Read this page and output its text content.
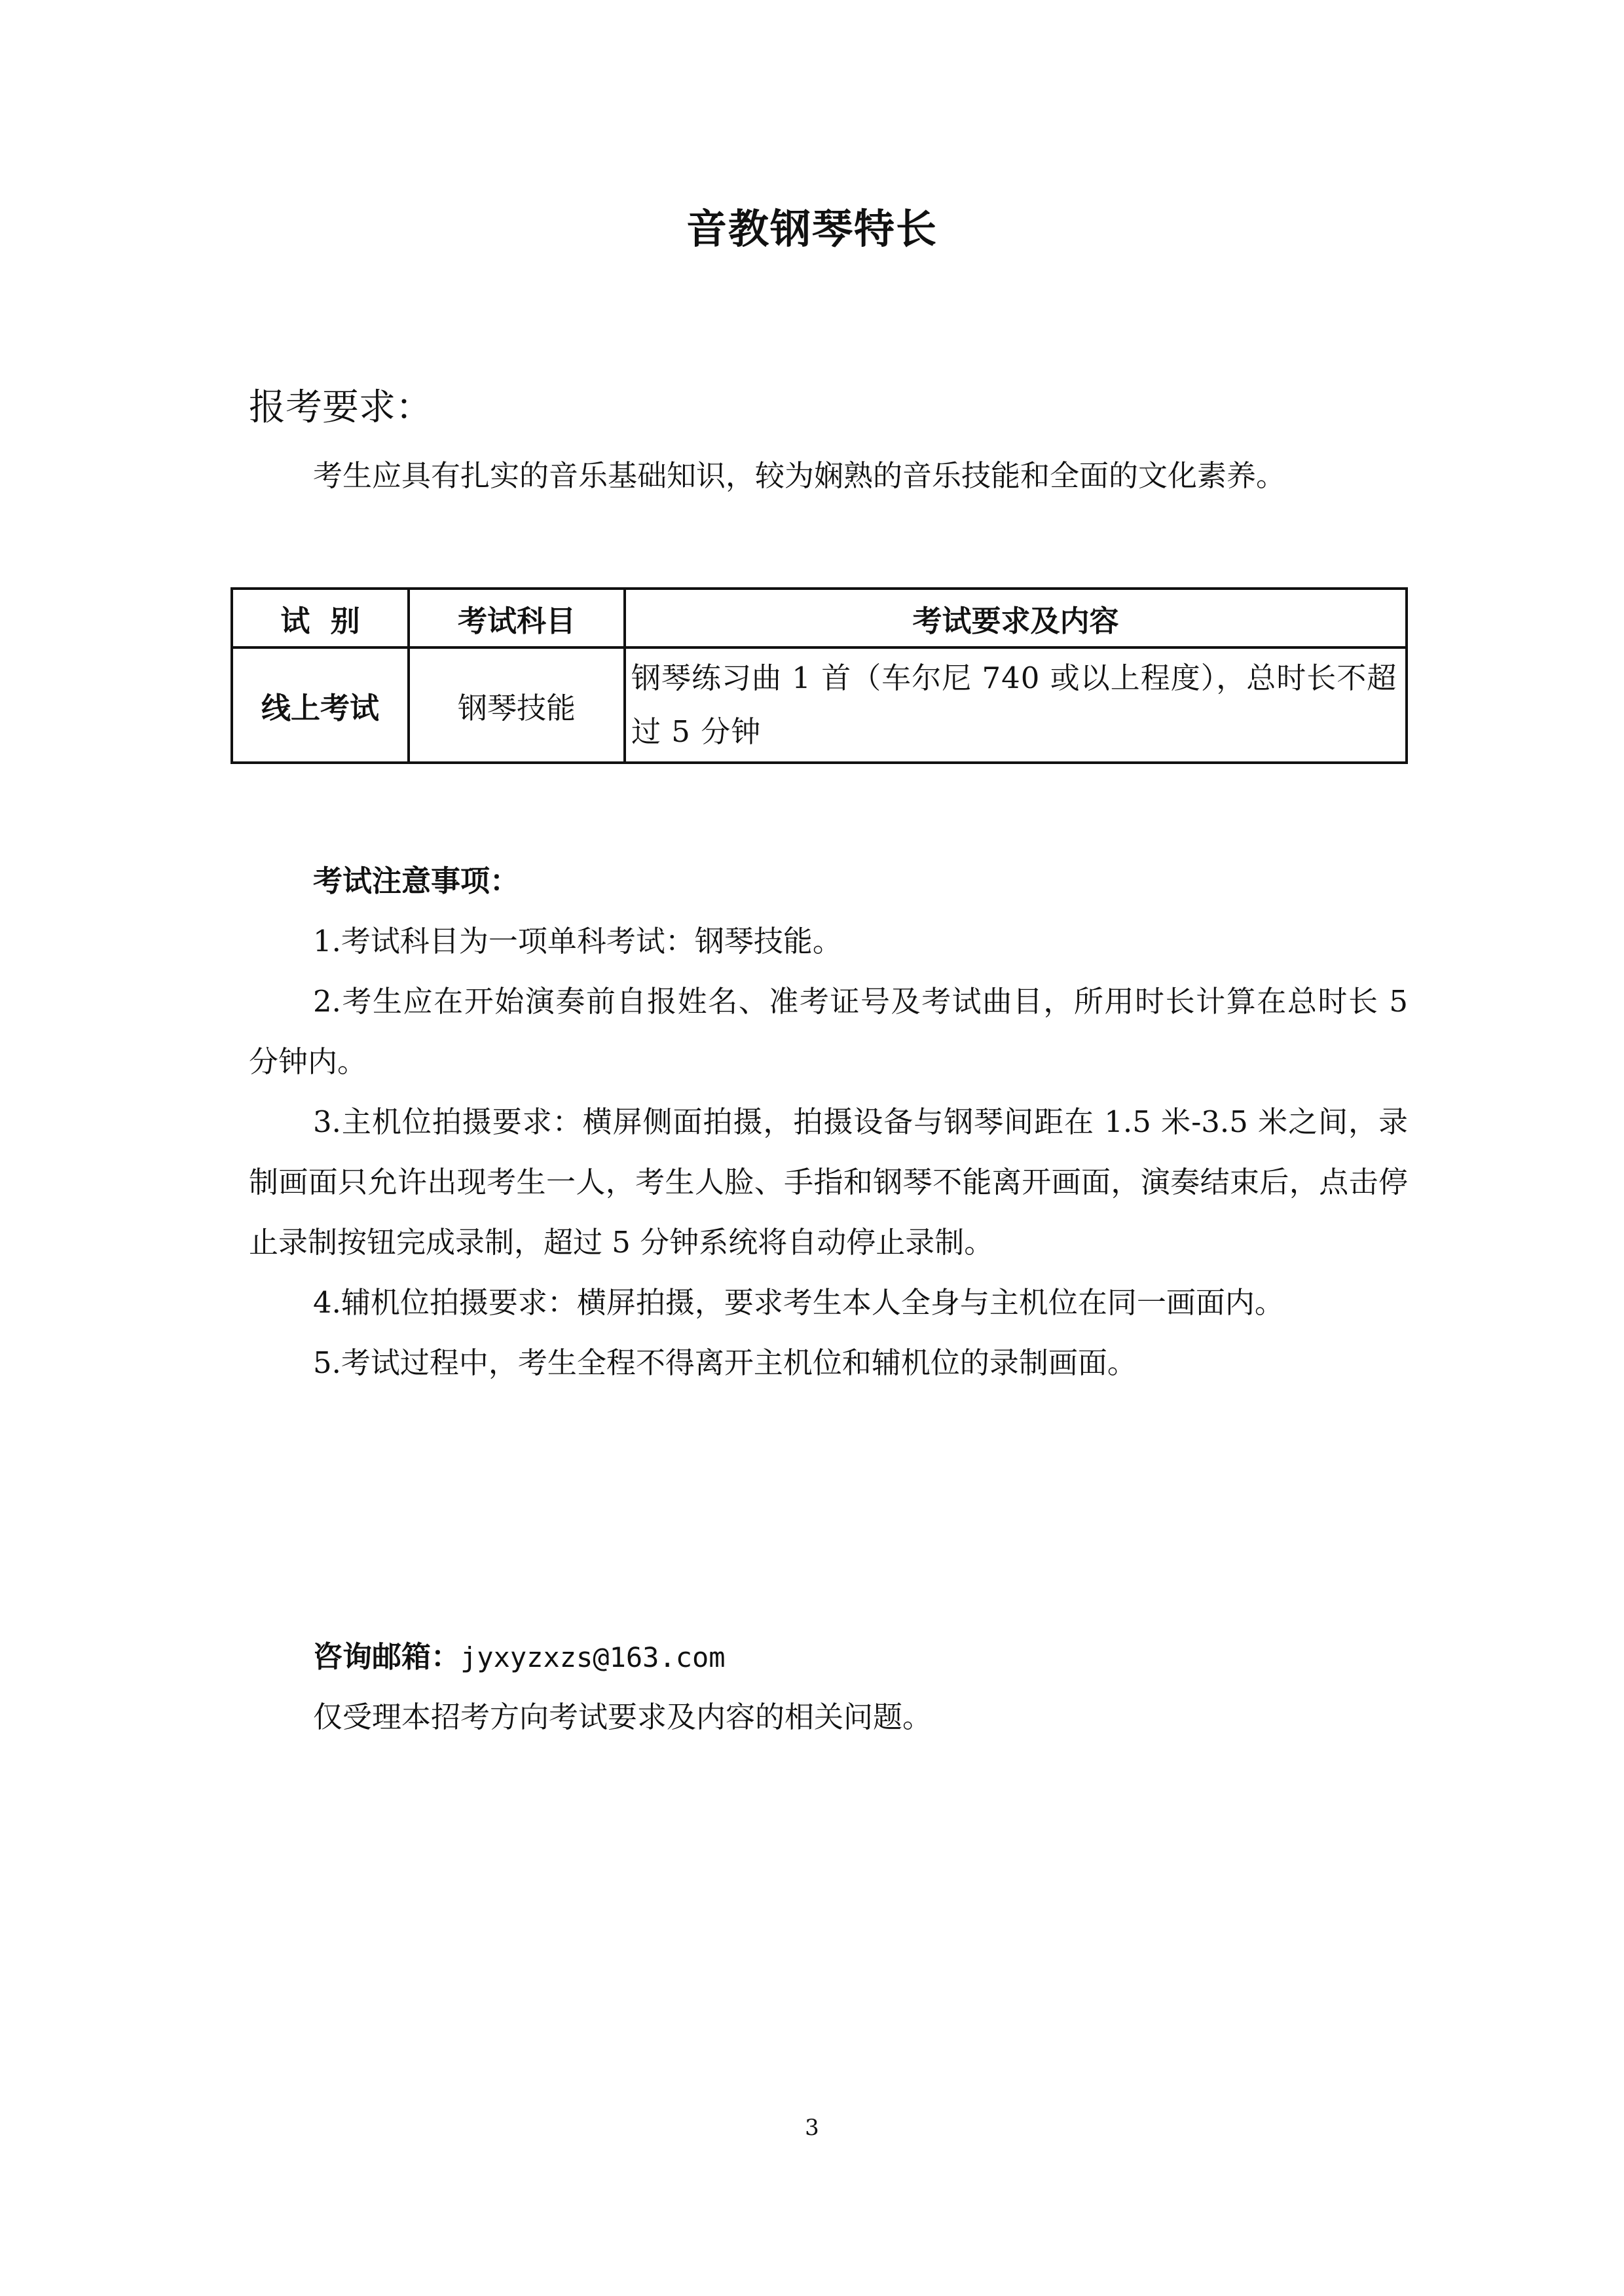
音教钢琴特长
报考要求：
考生应具有扎实的音乐基础知识，较为娴熟的音乐技能和全面的文化素养。
试  别	考试科目	考试要求及内容
线上考试	钢琴技能	钢琴练习曲 1 首（车尔尼 740 或以上程度），总时长不超过 5 分钟
考试注意事项：
1.考试科目为一项单科考试：钢琴技能。
2.考生应在开始演奏前自报姓名、准考证号及考试曲目，所用时长计算在总时长 5 分钟内。
3.主机位拍摄要求：横屏侧面拍摄，拍摄设备与钢琴间距在 1.5 米-3.5 米之间，录制画面只允许出现考生一人，考生人脸、手指和钢琴不能离开画面，演奏结束后，点击停止录制按钮完成录制，超过 5 分钟系统将自动停止录制。
4.辅机位拍摄要求：横屏拍摄，要求考生本人全身与主机位在同一画面内。
5.考试过程中，考生全程不得离开主机位和辅机位的录制画面。
咨询邮箱：jyxyzxzs@163.com
仅受理本招考方向考试要求及内容的相关问题。
3
